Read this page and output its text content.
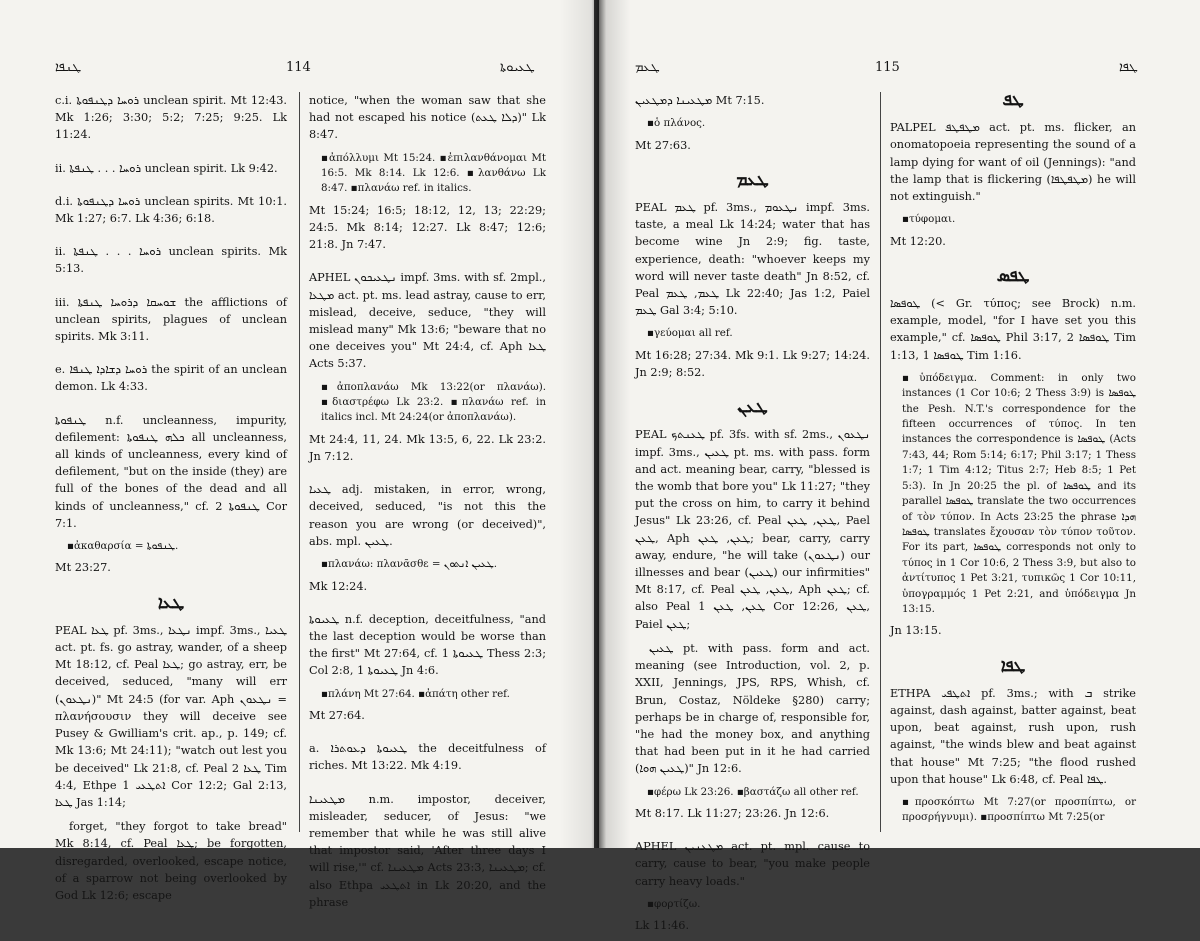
ܛܢܦܐ	114	ܛܥܝܘܬܐ

c.i. ܪܘܚܐ ܕܛܢܦܘܬܐ unclean spirit. Mt 12:43. Mk 1:26; 3:30; 5:2; 7:25; 9:25. Lk 11:24.

ii. ܪܘܚܐ . . . ܛܢܦܬܐ unclean spirit. Lk 9:42.

d.i. ܪܘܚܐ ܕܛܢܦܘܬܐ unclean spirits. Mt 10:1. Mk 1:27; 6:7. Lk 4:36; 6:18.

ii. ܪܘܚܐ . . . ܛܢܦܬܐ unclean spirits. Mk 5:13.

iii. ܫܘܚܩܐ ܕܪܘܚܐ ܛܢܦܬܐ the afflictions of unclean spirits, plagues of unclean spirits. Mk 3:11.

e. ܪܘܚܐ ܕܫܐܕܐ ܛܢܦܐ the spirit of an unclean demon. Lk 4:33.

ܛܢܦܘܬܐ n.f. uncleanness, impurity, defilement: ܟܠܗ ܛܢܦܘܬܐ all uncleanness, all kinds of uncleanness, every kind of defilement, "but on the inside (they) are full of the bones of the dead and all kinds of uncleanness," cf. ܛܢܦܘܬܐ 2 Cor 7:1.

▪ἀκαθαρσία = ܛܢܦܘܬܐ.

Mt 23:27.

ܛܥܐ

PEAL ܛܥܐ pf. 3ms., ܢܛܥܐ impf. 3ms., ܛܥܝܐ act. pt. fs. go astray, wander, of a sheep Mt 18:12, cf. Peal ܛܥܐ; go astray, err, be deceived, seduced, "many will err (ܢܛܥܘܢ)" Mt 24:5 (for var. Aph ܢܛܥܘܢ = πλανήσουσιν they will deceive see Pusey & Gwilliam's crit. ap., p. 149; cf. Mk 13:6; Mt 24:11); "watch out lest you be deceived" Lk 21:8, cf. Peal ܛܥܐ 2 Tim 4:4, Ethpe ܐܬܛܥܝ 1 Cor 12:2; Gal 2:13, ܛܥܐ Jas 1:14;

forget, "they forgot to take bread" Mk 8:14, cf. Peal ܛܥܐ; be forgotten, disregarded, overlooked, escape notice, of a sparrow not being overlooked by God Lk 12:6; escape

notice, "when the woman saw that she had not escaped his notice (ܕܠܐ ܛܥܬ)" Lk 8:47.

▪ἀπόλλυμι Mt 15:24. ▪ἐπιλανθάνομαι Mt 16:5. Mk 8:14. Lk 12:6. ▪λανθάνω Lk 8:47. ▪πλανάω ref. in italics.

Mt 15:24; 16:5; 18:12, 12, 13; 22:29; 24:5. Mk 8:14; 12:27. Lk 8:47; 12:6; 21:8. Jn 7:47.

APHEL ܢܛܥܝܟܘܢ impf. 3ms. with sf. 2mpl., ܡܛܥܐ act. pt. ms. lead astray, cause to err, mislead, deceive, seduce, "they will mislead many" Mk 13:6; "beware that no one deceives you" Mt 24:4, cf. Aph ܛܥܐ Acts 5:37.

▪ἀποπλανάω Mk 13:22(or πλανάω). ▪διαστρέφω Lk 23:2. ▪πλανάω ref. in italics incl. Mt 24:24(or ἀποπλανάω).

Mt 24:4, 11, 24. Mk 13:5, 6, 22. Lk 23:2. Jn 7:12.

ܛܥܝܐ adj. mistaken, in error, wrong, deceived, seduced, "is not this the reason you are wrong (or deceived)", abs. mpl. ܛܥܝܢ.

▪πλανάω: πλανᾶσθε = ܛܥܝܢ ܐܢܬܘܢ.

Mk 12:24.

ܛܥܝܘܬܐ n.f. deception, deceitfulness, "and the last deception would be worse than the first" Mt 27:64, cf. ܛܥܝܘܬܐ 1 Thess 2:3; Col 2:8, ܛܥܝܘܬܐ 1 Jn 4:6.

▪πλάνη Mt 27:64. ▪ἀπάτη other ref.

Mt 27:64.

a. ܛܥܝܘܬܐ ܕܥܘܬܪܐ the deceitfulness of riches. Mt 13:22. Mk 4:19.

ܡܛܥܝܢܐ n.m. impostor, deceiver, misleader, seducer, of Jesus: "we remember that while he was still alive that impostor said, 'After three days I will rise,'" cf. ܡܛܥܝܢܐ Acts 23:3, ܡܛܥܝܢܐ; cf. also Ethpa ܐܬܛܥܝ in Lk 20:20, and the phrase

ܛܥܡ	115	ܛܦܐ

ܡܛܥܝܢܐ ܕܡܛܥܝܢ Mt 7:15.

▪ὁ πλάνος.

Mt 27:63.

ܛܥܡ

PEAL ܛܥܡ pf. 3ms., ܢܛܥܘܡ impf. 3ms. taste, a meal Lk 14:24; water that has become wine Jn 2:9; fig. taste, experience, death: "whoever keeps my word will never taste death" Jn 8:52, cf. Peal ܛܥܡ, ܛܥܡ Lk 22:40; Jas 1:2, Paiel ܛܥܡ Gal 3:4; 5:10.

▪γεύομαι all ref.

Mt 16:28; 27:34. Mk 9:1. Lk 9:27; 14:24. Jn 2:9; 8:52.

ܛܥܢ

PEAL ܛܥܢܬܟ pf. 3fs. with sf. 2ms., ܢܛܥܘܢ impf. 3ms., ܛܥܝܢ pt. ms. with pass. form and act. meaning bear, carry, "blessed is the womb that bore you" Lk 11:27; "they put the cross on him, to carry it behind Jesus" Lk 23:26, cf. Peal ܛܥܢ, ܛܥܢ, Pael ܛܥܢ, Aph ܛܥܢ, ܛܥܢ; bear, carry, carry away, endure, "he will take (ܢܛܥܘܢ) our illnesses and bear (ܛܥܝܢ) our infirmities" Mt 8:17, cf. Peal ܛܥܢ, ܛܥܢ, Aph ܛܥܢ; cf. also Peal ܛܥܢ, ܛܥܢ 1 Cor 12:26, ܛܥܢ, Paiel ܛܥܢ;

ܛܥܝܢ pt. with pass. form and act. meaning (see Introduction, vol. 2, p. XXII, Jennings, JPS, RPS, Whish, cf. Brun, Costaz, Nöldeke §280) carry; perhaps be in charge of, responsible for, "he had the money box, and anything that had been put in it he had carried (ܛܥܝܢ ܗܘܐ)" Jn 12:6.

▪φέρω Lk 23:26. ▪βαστάζω all other ref.

Mt 8:17. Lk 11:27; 23:26. Jn 12:6.

APHEL ܡܛܥܢܝܢ act. pt. mpl. cause to carry, cause to bear, "you make people carry heavy loads."

▪φορτίζω.

Lk 11:46.

ܛܦ

PALPEL ܡܛܦܛܦ act. pt. ms. flicker, an onomatopoeia representing the sound of a lamp dying for want of oil (Jennings): "and the lamp that is flickering (ܡܛܦܛܦܐ) he will not extinguish."

▪τύφομαι.

Mt 12:20.

ܛܦܣ

ܛܘܦܣܐ (< Gr. τύπος; see Brock) n.m. example, model, "for I have set you this example," cf. ܛܘܦܣܐ Phil 3:17, ܛܘܦܣܐ 2 Tim 1:13, ܛܘܦܣܐ 1 Tim 1:16.

▪ὑπόδειγμα. Comment: in only two instances (1 Cor 10:6; 2 Thess 3:9) is ܛܘܦܣܐ the Pesh. N.T.'s correspondence for the fifteen occurrences of τύπος. In ten instances the correspondence is ܛܘܦܣܐ (Acts 7:43, 44; Rom 5:14; 6:17; Phil 3:17; 1 Thess 1:7; 1 Tim 4:12; Titus 2:7; Heb 8:5; 1 Pet 5:3). In Jn 20:25 the pl. of ܛܘܦܣܐ and its parallel ܛܘܦܣܐ translate the two occurrences of τὸν τύπον. In Acts 23:25 the phrase ܗܕܐ ܛܘܦܣܐ translates ἔχουσαν τὸν τύπον τοῦτον. For its part, ܛܘܦܣܐ corresponds not only to τύπος in 1 Cor 10:6, 2 Thess 3:9, but also to ἀντίτυπος 1 Pet 3:21, τυπικῶς 1 Cor 10:11, ὑπογραμμός 1 Pet 2:21, and ὑπόδειγμα Jn 13:15.

Jn 13:15.

ܛܦܐ

ETHPA ܐܬܛܦܝ pf. 3ms.; with ܒ strike against, dash against, batter against, beat upon, beat against, rush upon, rush against, "the winds blew and beat against that house" Mt 7:25; "the flood rushed upon that house" Lk 6:48, cf. Peal ܛܦܐ.

▪προσκόπτω Mt 7:27(or προσπίπτω, or προσρήγνυμι). ▪προσπίπτω Mt 7:25(or
